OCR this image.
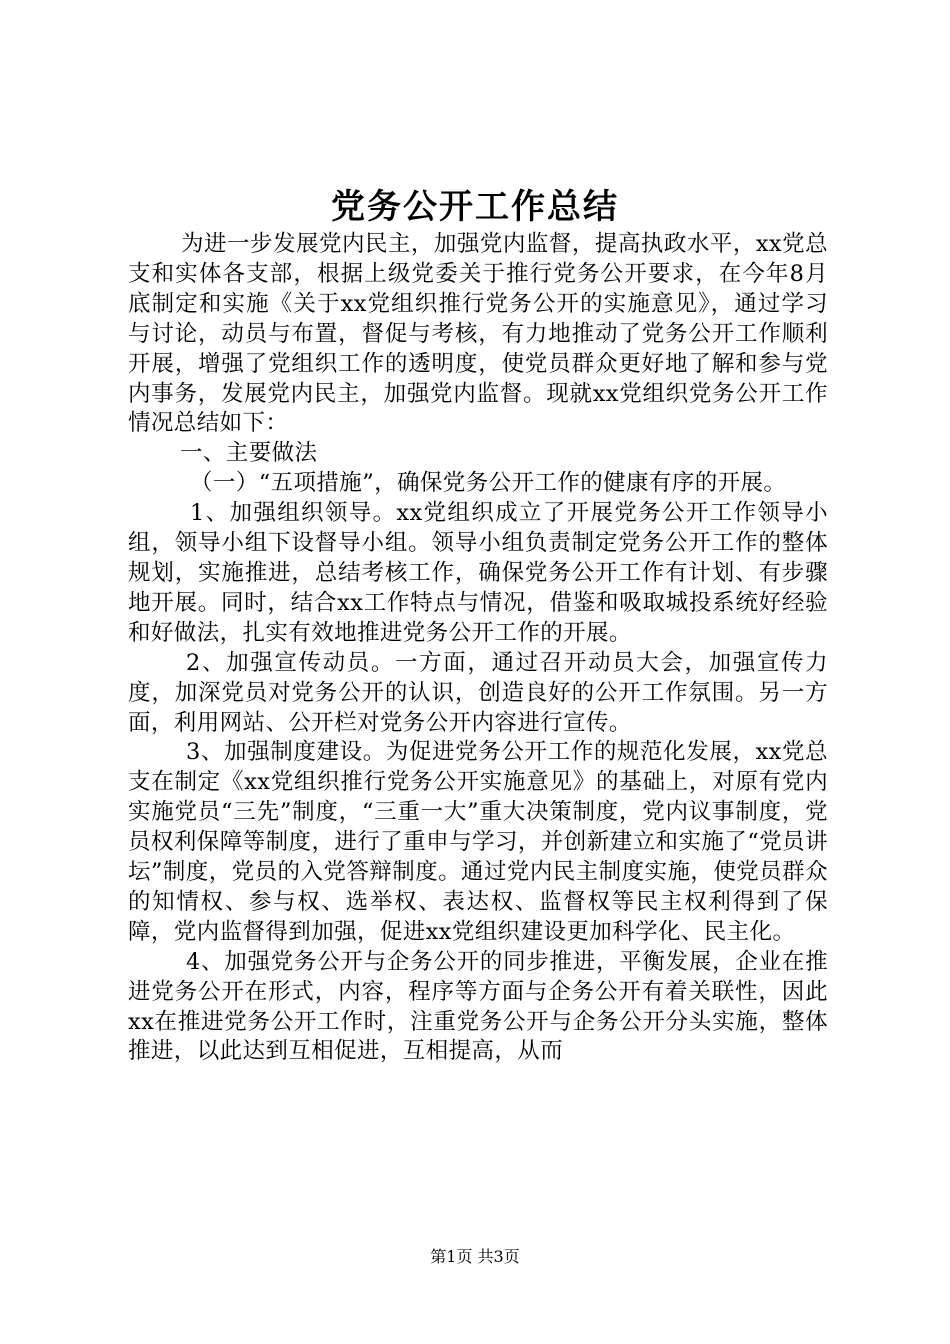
党务公开工作总结

为进一步发展党内民主，加强党内监督，提高执政水平，xx党总支和实体各支部，根据上级党委关于推行党务公开要求，在今年8月底制定和实施《关于xx党组织推行党务公开的实施意见》，通过学习与讨论，动员与布置，督促与考核，有力地推动了党务公开工作顺利开展，增强了党组织工作的透明度，使党员群众更好地了解和参与党内事务，发展党内民主，加强党内监督。现就xx党组织党务公开工作情况总结如下：

一、主要做法

（一）“五项措施”，确保党务公开工作的健康有序的开展。

1、加强组织领导。xx党组织成立了开展党务公开工作领导小组，领导小组下设督导小组。领导小组负责制定党务公开工作的整体规划，实施推进，总结考核工作，确保党务公开工作有计划、有步骤地开展。同时，结合xx工作特点与情况，借鉴和吸取城投系统好经验和好做法，扎实有效地推进党务公开工作的开展。

2、加强宣传动员。一方面，通过召开动员大会，加强宣传力度，加深党员对党务公开的认识，创造良好的公开工作氛围。另一方面，利用网站、公开栏对党务公开内容进行宣传。

3、加强制度建设。为促进党务公开工作的规范化发展，xx党总支在制定《xx党组织推行党务公开实施意见》的基础上，对原有党内实施党员“三先”制度，“三重一大”重大决策制度，党内议事制度，党员权利保障等制度，进行了重申与学习，并创新建立和实施了“党员讲坛”制度，党员的入党答辩制度。通过党内民主制度实施，使党员群众的知情权、参与权、选举权、表达权、监督权等民主权利得到了保障，党内监督得到加强，促进xx党组织建设更加科学化、民主化。

4、加强党务公开与企务公开的同步推进，平衡发展，企业在推进党务公开在形式，内容，程序等方面与企务公开有着关联性，因此xx在推进党务公开工作时，注重党务公开与企务公开分头实施，整体推进，以此达到互相促进，互相提高，从而

第1页 共3页
